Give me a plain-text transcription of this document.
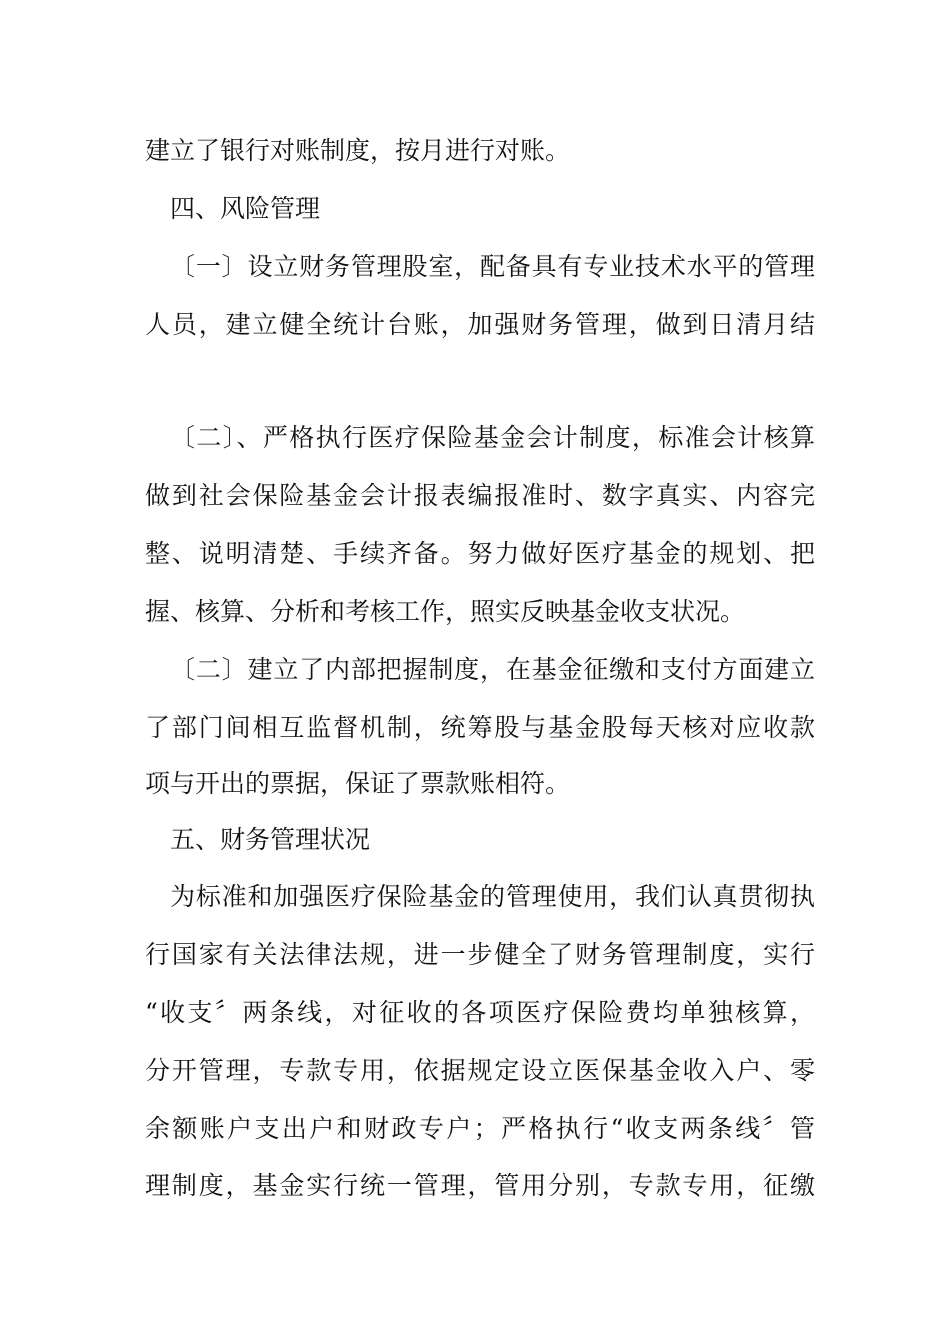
建立了银行对账制度，按月进行对账。
四、风险管理
〔一〕设立财务管理股室，配备具有专业技术水平的管理
人员，建立健全统计台账，加强财务管理，做到日清月结
〔二〕、严格执行医疗保险基金会计制度，标准会计核算
做到社会保险基金会计报表编报准时、数字真实、内容完
整、说明清楚、手续齐备。努力做好医疗基金的规划、把
握、核算、分析和考核工作，照实反映基金收支状况。
〔二〕建立了内部把握制度，在基金征缴和支付方面建立
了部门间相互监督机制，统筹股与基金股每天核对应收款
项与开出的票据，保证了票款账相符。
五、财务管理状况
为标准和加强医疗保险基金的管理使用，我们认真贯彻执
行国家有关法律法规，进一步健全了财务管理制度，实行
“收支〞两条线，对征收的各项医疗保险费均单独核算，
分开管理，专款专用，依据规定设立医保基金收入户、零
余额账户支出户和财政专户；严格执行“收支两条线〞管
理制度，基金实行统一管理，管用分别，专款专用，征缴
